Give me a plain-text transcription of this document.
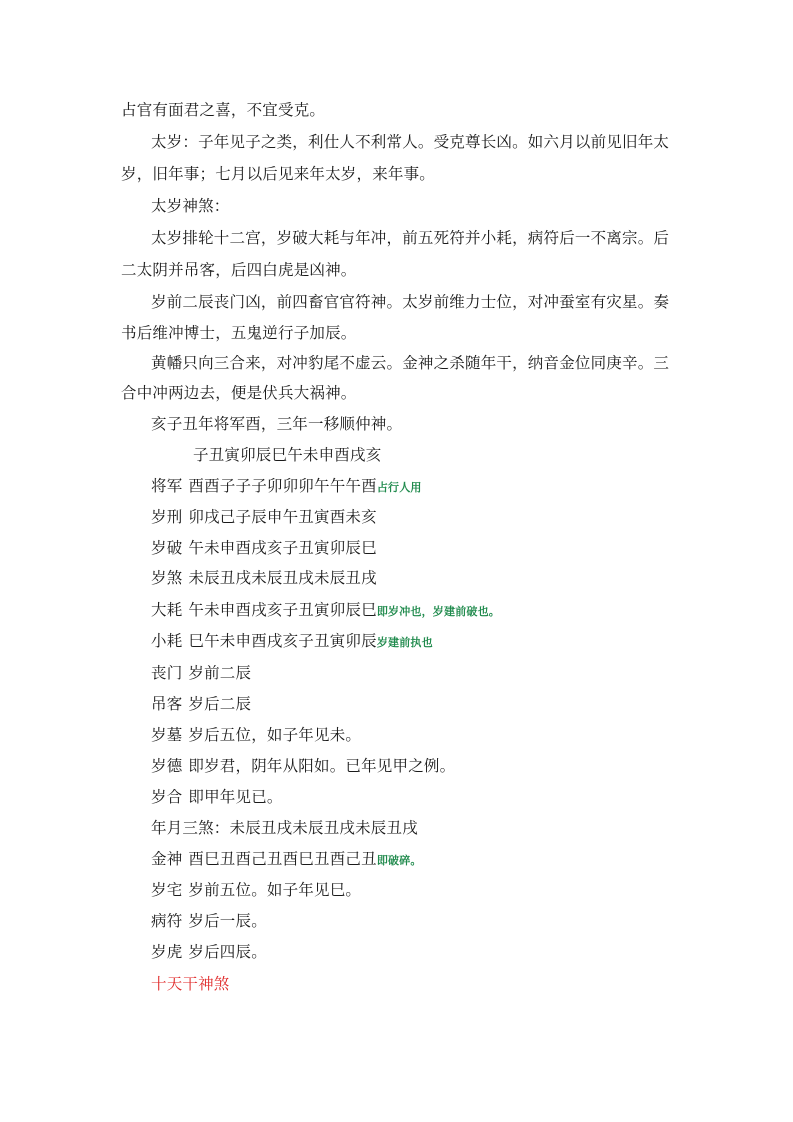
占官有面君之喜，不宜受克。
太岁：子年见子之类，利仕人不利常人。受克尊长凶。如六月以前见旧年太
岁，旧年事；七月以后见来年太岁，来年事。
太岁神煞：
太岁排轮十二宫，岁破大耗与年冲，前五死符并小耗，病符后一不离宗。后
二太阴并吊客，后四白虎是凶神。
岁前二辰丧门凶，前四畜官官符神。太岁前维力士位，对冲蚕室有灾星。奏
书后维冲博士，五鬼逆行子加辰。
黄幡只向三合来，对冲豹尾不虚云。金神之杀随年干，纳音金位同庚辛。三
合中冲两边去，便是伏兵大祸神。
亥子丑年将军酉，三年一移顺仲神。
子丑寅卯辰巳午未申酉戌亥
将军 酉酉子子子卯卯卯午午午酉占行人用
岁刑 卯戌己子辰申午丑寅酉未亥
岁破 午未申酉戌亥子丑寅卯辰巳
岁煞 未辰丑戌未辰丑戌未辰丑戌
大耗 午未申酉戌亥子丑寅卯辰巳即岁冲也，岁建前破也。
小耗 巳午未申酉戌亥子丑寅卯辰岁建前执也
丧门 岁前二辰
吊客 岁后二辰
岁墓 岁后五位，如子年见未。
岁德 即岁君，阴年从阳如。已年见甲之例。
岁合 即甲年见已。
年月三煞：未辰丑戌未辰丑戌未辰丑戌
金神 酉巳丑酉己丑酉巳丑酉己丑即破碎。
岁宅 岁前五位。如子年见巳。
病符 岁后一辰。
岁虎 岁后四辰。
十天干神煞
